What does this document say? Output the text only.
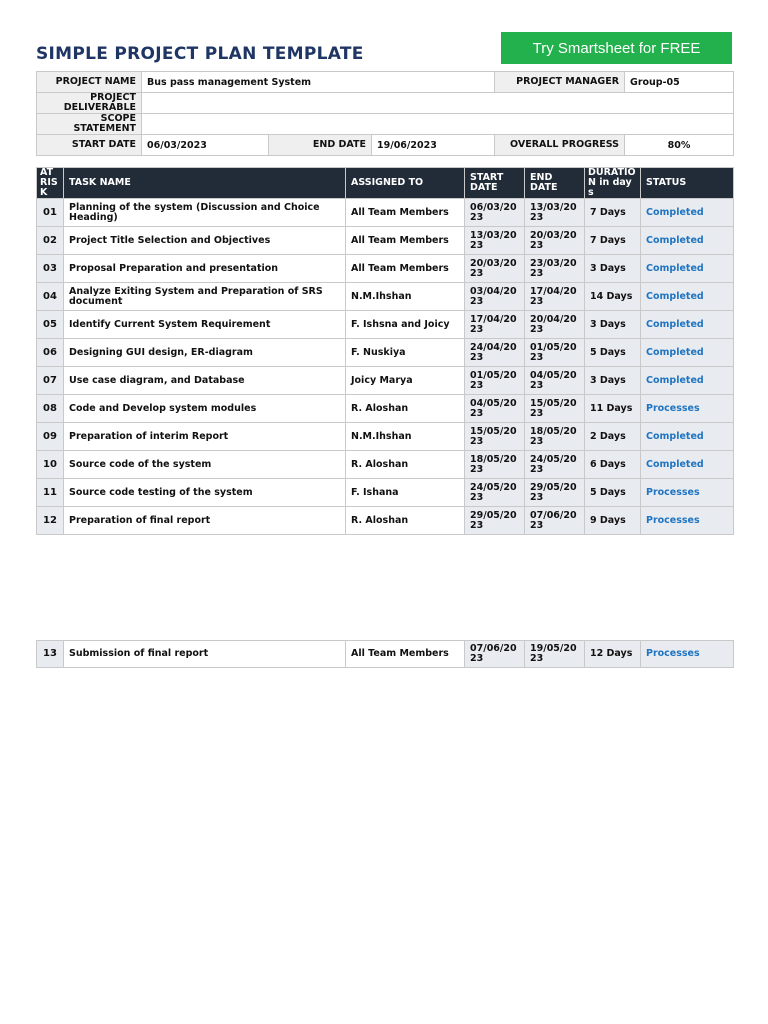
SIMPLE PROJECT PLAN TEMPLATE	Try Smartsheet for FREE
PROJECT NAME	Bus pass management System			PROJECT MANAGER	Group-05
PROJECT DELIVERABLE					
SCOPE STATEMENT					
START DATE	06/03/2023	END DATE	19/06/2023	OVERALL PROGRESS	80%
AT RISK	TASK NAME	ASSIGNED TO	START DATE	END DATE	DURATION in days	STATUS
01	Planning of the system (Discussion and Choice Heading)	All Team Members	06/03/2023	13/03/2023	7 Days	Completed
02	Project Title Selection and Objectives	All Team Members	13/03/2023	20/03/2023	7 Days	Completed
03	Proposal Preparation and presentation	All Team Members	20/03/2023	23/03/2023	3 Days	Completed
04	Analyze Exiting System and Preparation of SRS document	N.M.Ihshan	03/04/2023	17/04/2023	14 Days	Completed
05	Identify Current System Requirement	F. Ishsna and Joicy	17/04/2023	20/04/2023	3 Days	Completed
06	Designing GUI design, ER-diagram	F. Nuskiya	24/04/2023	01/05/2023	5 Days	Completed
07	Use case diagram, and Database	Joicy Marya	01/05/2023	04/05/2023	3 Days	Completed
08	Code and Develop system modules	R. Aloshan	04/05/2023	15/05/2023	11 Days	Processes
09	Preparation of interim Report	N.M.Ihshan	15/05/2023	18/05/2023	2 Days	Completed
10	Source code of the system	R. Aloshan	18/05/2023	24/05/2023	6 Days	Completed
11	Source code testing of the system	F. Ishana	24/05/2023	29/05/2023	5 Days	Processes
12	Preparation of final report	R. Aloshan	29/05/2023	07/06/2023	9 Days	Processes
13	Submission of final report	All Team Members	07/06/2023	19/05/2023	12 Days	Processes
